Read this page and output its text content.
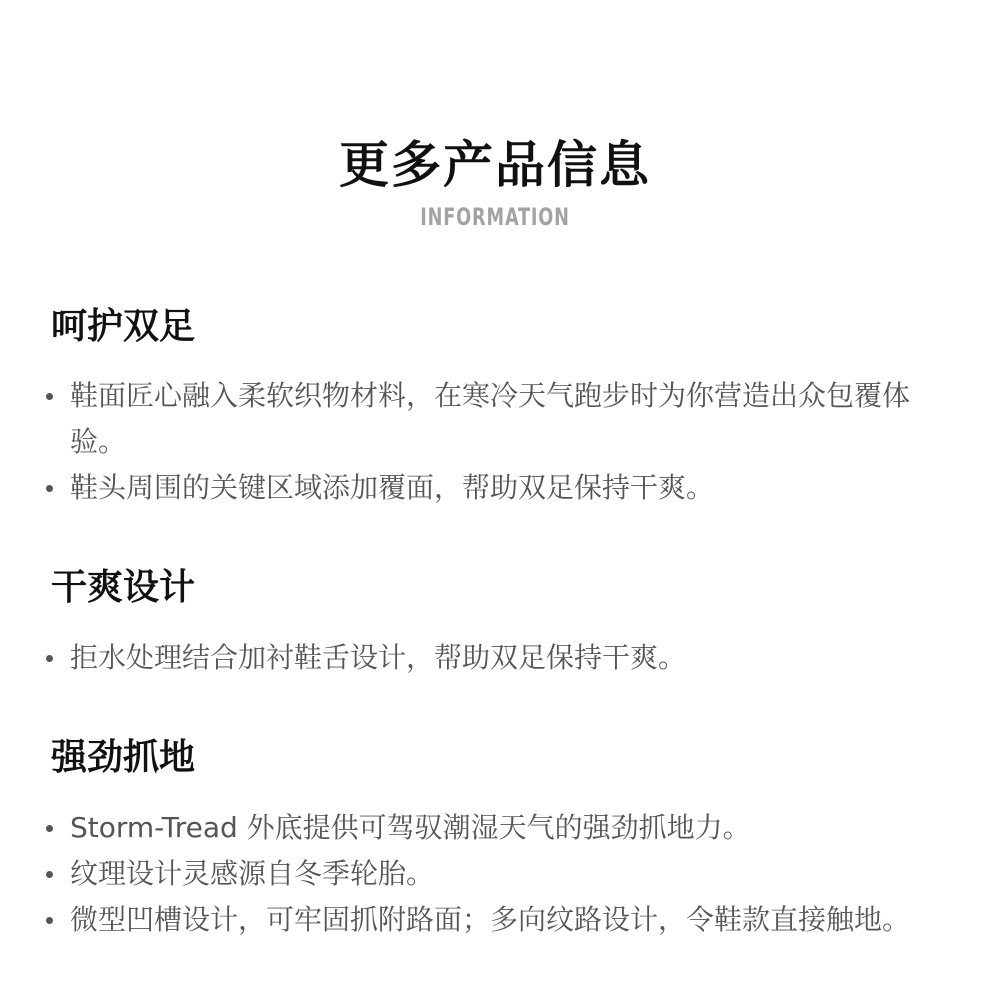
更多产品信息
INFORMATION
呵护双足
鞋面匠心融入柔软织物材料，在寒冷天气跑步时为你营造出众包覆体验。
鞋头周围的关键区域添加覆面，帮助双足保持干爽。
干爽设计
拒水处理结合加衬鞋舌设计，帮助双足保持干爽。
强劲抓地
Storm-Tread 外底提供可驾驭潮湿天气的强劲抓地力。
纹理设计灵感源自冬季轮胎。
微型凹槽设计，可牢固抓附路面；多向纹路设计，令鞋款直接触地。
